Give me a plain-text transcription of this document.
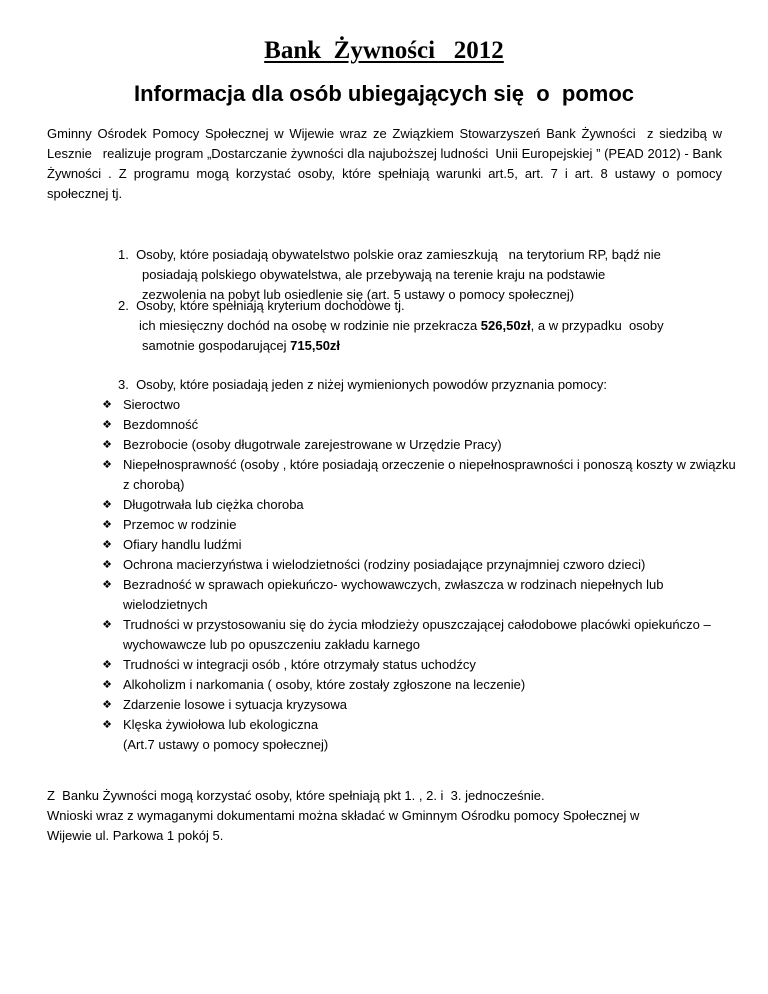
Bank  Żywności   2012
Informacja dla osób ubiegających się  o  pomoc
Gminny Ośrodek Pomocy Społecznej w Wijewie wraz ze Związkiem Stowarzyszeń Bank Żywności  z siedzibą w Lesznie   realizuje program „Dostarczanie żywności dla najuboższej ludności  Unii Europejskiej ” (PEAD 2012) - Bank Żywności . Z programu mogą korzystać osoby, które spełniają warunki art.5, art. 7 i art. 8 ustawy o pomocy społecznej tj.
1.  Osoby, które posiadają obywatelstwo polskie oraz zamieszkują   na terytorium RP, bądź nie
posiadają polskiego obywatelstwa, ale przebywają na terenie kraju na podstawie
zezwolenia na pobyt lub osiedlenie się (art. 5 ustawy o pomocy społecznej)
2.  Osoby, które spełniają kryterium dochodowe tj.
ich miesięczny dochód na osobę w rodzinie nie przekracza 526,50zł, a w przypadku  osoby
samotnie gospodarującej 715,50zł
3.  Osoby, które posiadają jeden z niżej wymienionych powodów przyznania pomocy:
❖ Sieroctwo
❖ Bezdomność
❖ Bezrobocie (osoby długotrwale zarejestrowane w Urzędzie Pracy)
❖ Niepełnosprawność (osoby , które posiadają orzeczenie o niepełnosprawności i ponoszą koszty w związku z chorobą)
❖ Długotrwała lub ciężka choroba
❖ Przemoc w rodzinie
❖ Ofiary handlu ludźmi
❖ Ochrona macierzyństwa i wielodzietności (rodziny posiadające przynajmniej czworo dzieci)
❖ Bezradność w sprawach opiekuńczo- wychowawczych, zwłaszcza w rodzinach niepełnych lub wielodzietnych
❖ Trudności w przystosowaniu się do życia młodzieży opuszczającej całodobowe placówki opiekuńczo –wychowawcze lub po opuszczeniu zakładu karnego
❖ Trudności w integracji osób , które otrzymały status uchodźcy
❖ Alkoholizm i narkomania ( osoby, które zostały zgłoszone na leczenie)
❖ Zdarzenie losowe i sytuacja kryzysowa
❖ Klęska żywiołowa lub ekologiczna
(Art.7 ustawy o pomocy społecznej)
Z  Banku Żywności mogą korzystać osoby, które spełniają pkt 1. , 2. i  3. jednocześnie.
Wnioski wraz z wymaganymi dokumentami można składać w Gminnym Ośrodku pomocy Społecznej w
Wijewie ul. Parkowa 1 pokój 5.
